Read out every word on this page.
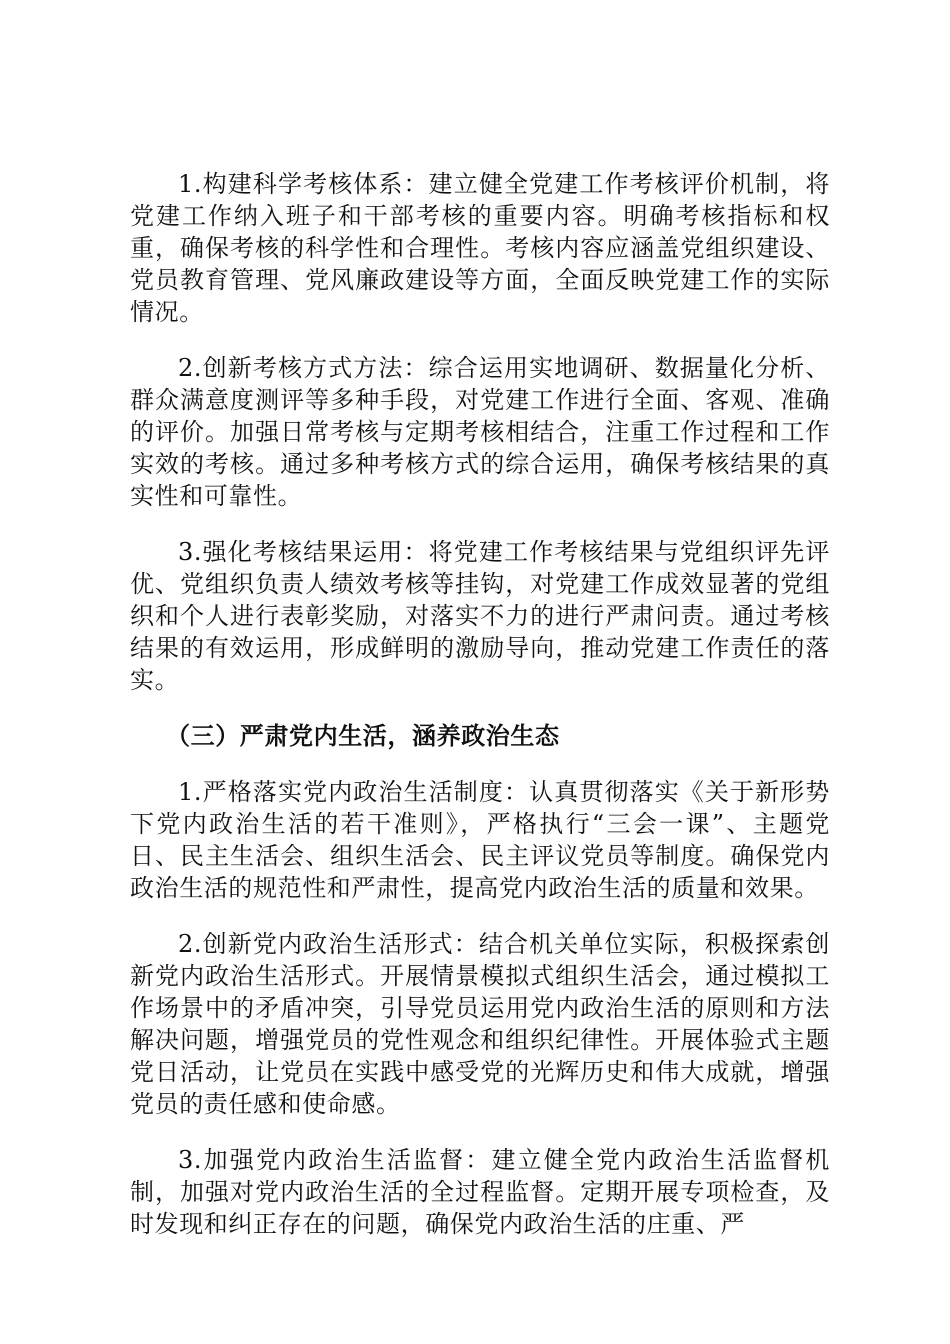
1.构建科学考核体系：建立健全党建工作考核评价机制，将党建工作纳入班子和干部考核的重要内容。明确考核指标和权重，确保考核的科学性和合理性。考核内容应涵盖党组织建设、党员教育管理、党风廉政建设等方面，全面反映党建工作的实际情况。

2.创新考核方式方法：综合运用实地调研、数据量化分析、群众满意度测评等多种手段，对党建工作进行全面、客观、准确的评价。加强日常考核与定期考核相结合，注重工作过程和工作实效的考核。通过多种考核方式的综合运用，确保考核结果的真实性和可靠性。

3.强化考核结果运用：将党建工作考核结果与党组织评先评优、党组织负责人绩效考核等挂钩，对党建工作成效显著的党组织和个人进行表彰奖励，对落实不力的进行严肃问责。通过考核结果的有效运用，形成鲜明的激励导向，推动党建工作责任的落实。

（三）严肃党内生活，涵养政治生态

1.严格落实党内政治生活制度：认真贯彻落实《关于新形势下党内政治生活的若干准则》，严格执行“三会一课”、主题党日、民主生活会、组织生活会、民主评议党员等制度。确保党内政治生活的规范性和严肃性，提高党内政治生活的质量和效果。

2.创新党内政治生活形式：结合机关单位实际，积极探索创新党内政治生活形式。开展情景模拟式组织生活会，通过模拟工作场景中的矛盾冲突，引导党员运用党内政治生活的原则和方法解决问题，增强党员的党性观念和组织纪律性。开展体验式主题党日活动，让党员在实践中感受党的光辉历史和伟大成就，增强党员的责任感和使命感。

3.加强党内政治生活监督：建立健全党内政治生活监督机制，加强对党内政治生活的全过程监督。定期开展专项检查，及时发现和纠正存在的问题，确保党内政治生活的庄重、严
